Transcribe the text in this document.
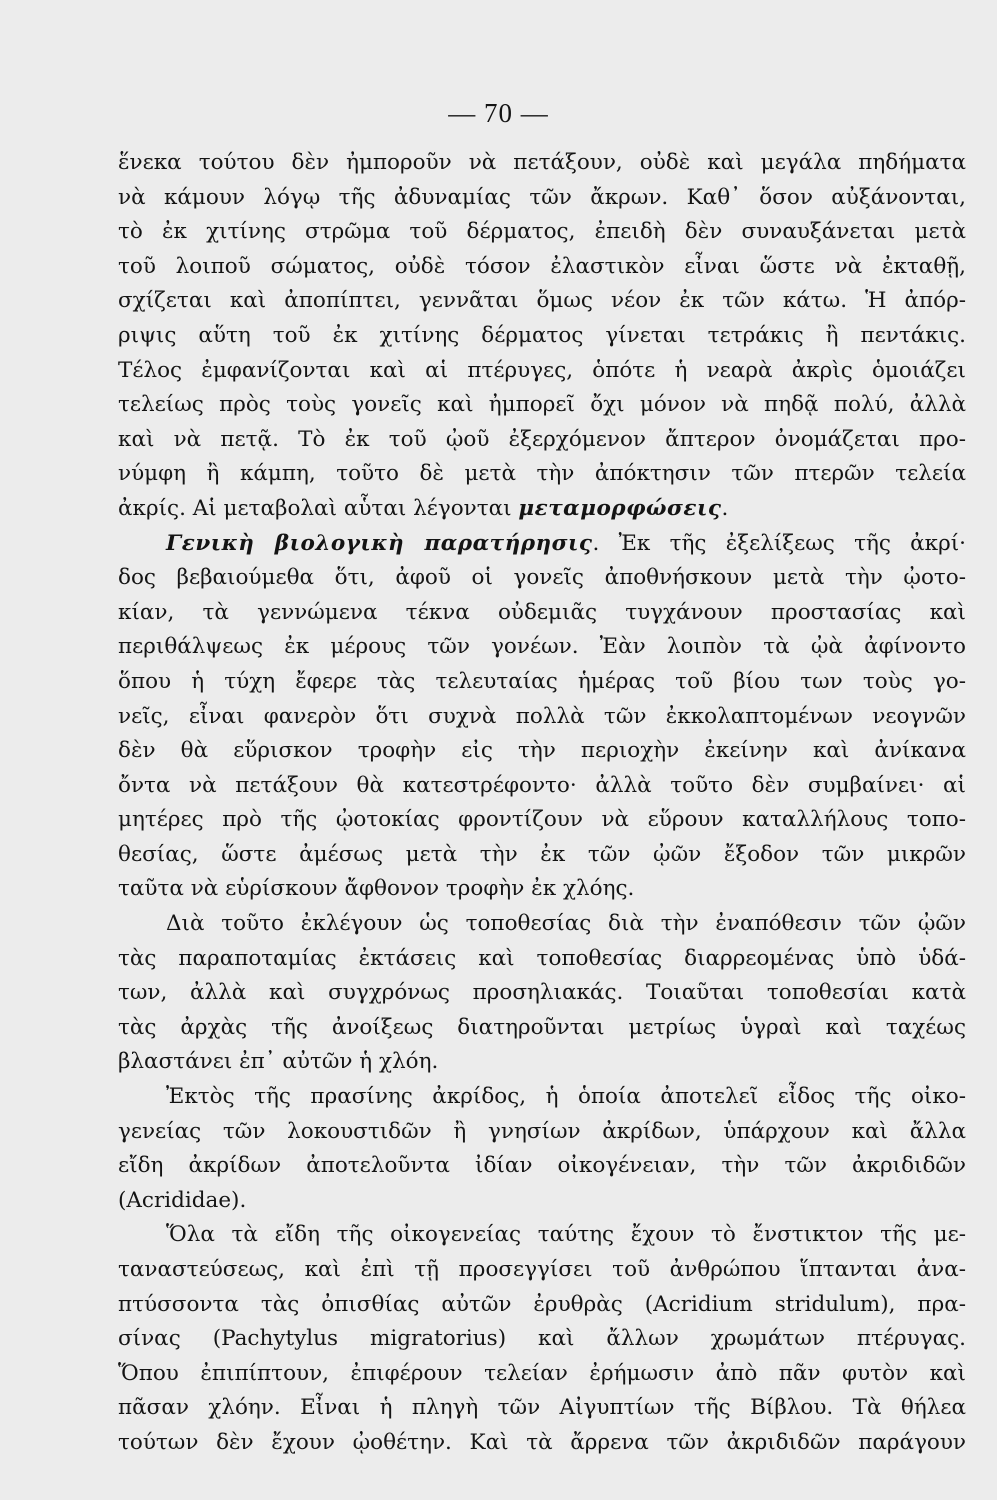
— 70 —
ἕνεκα τούτου δὲν ἠμποροῦν νὰ πετάξουν, οὐδὲ καὶ μεγάλα πηδήματα
νὰ κάμουν λόγῳ τῆς ἀδυναμίας τῶν ἄκρων. Καθ᾽ ὅσον αὐξάνονται,
τὸ ἐκ χιτίνης στρῶμα τοῦ δέρματος, ἐπειδὴ δὲν συναυξάνεται μετὰ
τοῦ λοιποῦ σώματος, οὐδὲ τόσον ἐλαστικὸν εἶναι ὥστε νὰ ἐκταθῇ,
σχίζεται καὶ ἀποπίπτει, γεννᾶται ὅμως νέον ἐκ τῶν κάτω. Ἡ ἀπόρ-
ριψις αὕτη τοῦ ἐκ χιτίνης δέρματος γίνεται τετράκις ἢ πεντάκις.
Τέλος ἐμφανίζονται καὶ αἱ πτέρυγες, ὁπότε ἡ νεαρὰ ἀκρὶς ὁμοιάζει
τελείως πρὸς τοὺς γονεῖς καὶ ἠμπορεῖ ὄχι μόνον νὰ πηδᾷ πολύ, ἀλλὰ
καὶ νὰ πετᾷ. Τὸ ἐκ τοῦ ᾠοῦ ἐξερχόμενον ἄπτερον ὀνομάζεται προ-
νύμφη ἢ κάμπη, τοῦτο δὲ μετὰ τὴν ἀπόκτησιν τῶν πτερῶν τελεία
ἀκρίς. Αἱ μεταβολαὶ αὗται λέγονται μεταμορφώσεις.
Γενικὴ βιολογικὴ παρατήρησις. Ἐκ τῆς ἐξελίξεως τῆς ἀκρί·
δος βεβαιούμεθα ὅτι, ἀφοῦ οἱ γονεῖς ἀποθνήσκουν μετὰ τὴν ᾠοτο-
κίαν, τὰ γεννώμενα τέκνα οὐδεμιᾶς τυγχάνουν προστασίας καὶ
περιθάλψεως ἐκ μέρους τῶν γονέων. Ἐὰν λοιπὸν τὰ ᾠὰ ἀφίνοντο
ὅπου ἡ τύχη ἔφερε τὰς τελευταίας ἡμέρας τοῦ βίου των τοὺς γο-
νεῖς, εἶναι φανερὸν ὅτι συχνὰ πολλὰ τῶν ἐκκολαπτομένων νεογνῶν
δὲν θὰ εὕρισκον τροφὴν εἰς τὴν περιοχὴν ἐκείνην καὶ ἀνίκανα
ὄντα νὰ πετάξουν θὰ κατεστρέφοντο· ἀλλὰ τοῦτο δὲν συμβαίνει· αἱ
μητέρες πρὸ τῆς ᾠοτοκίας φροντίζουν νὰ εὕρουν καταλλήλους τοπο-
θεσίας, ὥστε ἀμέσως μετὰ τὴν ἐκ τῶν ᾠῶν ἔξοδον τῶν μικρῶν
ταῦτα νὰ εὑρίσκουν ἄφθονον τροφὴν ἐκ χλόης.
Διὰ τοῦτο ἐκλέγουν ὡς τοποθεσίας διὰ τὴν ἐναπόθεσιν τῶν ᾠῶν
τὰς παραποταμίας ἐκτάσεις καὶ τοποθεσίας διαρρεομένας ὑπὸ ὑδά-
των, ἀλλὰ καὶ συγχρόνως προσηλιακάς. Τοιαῦται τοποθεσίαι κατὰ
τὰς ἀρχὰς τῆς ἀνοίξεως διατηροῦνται μετρίως ὑγραὶ καὶ ταχέως
βλαστάνει ἐπ᾽ αὐτῶν ἡ χλόη.
Ἐκτὸς τῆς πρασίνης ἀκρίδος, ἡ ὁποία ἀποτελεῖ εἶδος τῆς οἰκο-
γενείας τῶν λοκουστιδῶν ἢ γνησίων ἀκρίδων, ὑπάρχουν καὶ ἄλλα
εἴδη ἀκρίδων ἀποτελοῦντα ἰδίαν οἰκογένειαν, τὴν τῶν ἀκριδιδῶν
(Acrididae).
Ὅλα τὰ εἴδη τῆς οἰκογενείας ταύτης ἔχουν τὸ ἔνστικτον τῆς με-
ταναστεύσεως, καὶ ἐπὶ τῇ προσεγγίσει τοῦ ἀνθρώπου ἵπτανται ἀνα-
πτύσσοντα τὰς ὀπισθίας αὐτῶν ἐρυθρὰς (Acridium stridulum), πρα-
σίνας (Pachytylus migratorius) καὶ ἄλλων χρωμάτων πτέρυγας.
Ὅπου ἐπιπίπτουν, ἐπιφέρουν τελείαν ἐρήμωσιν ἀπὸ πᾶν φυτὸν καὶ
πᾶσαν χλόην. Εἶναι ἡ πληγὴ τῶν Αἰγυπτίων τῆς Βίβλου. Τὰ θήλεα
τούτων δὲν ἔχουν ᾠοθέτην. Καὶ τὰ ἄρρενα τῶν ἀκριδιδῶν παράγουν
